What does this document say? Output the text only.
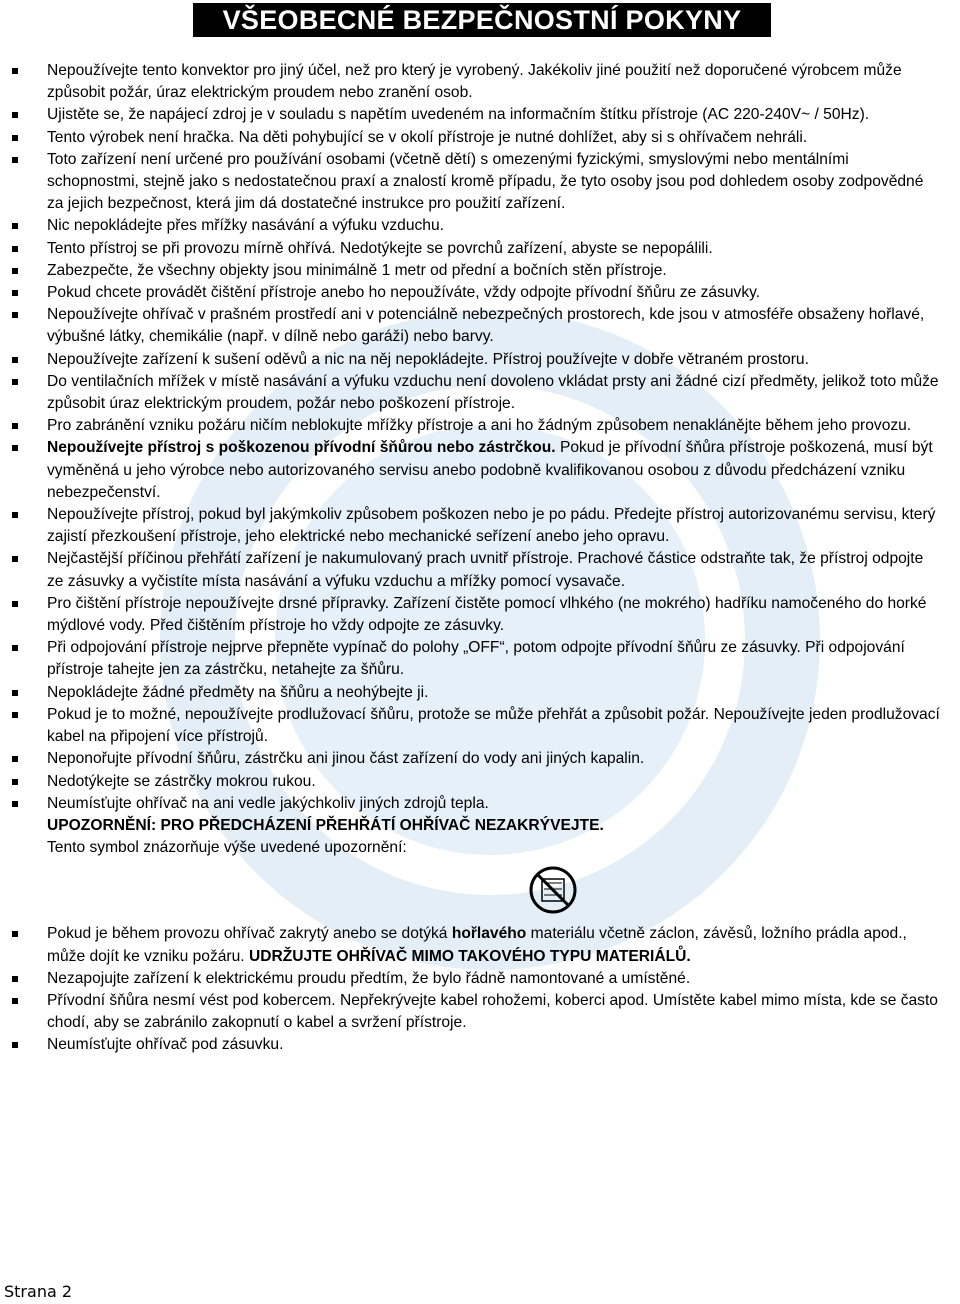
VŠEOBECNÉ BEZPEČNOSTNÍ POKYNY
Nepoužívejte tento konvektor pro jiný účel, než pro který je vyrobený. Jakékoliv jiné použití než doporučené výrobcem může způsobit požár, úraz elektrickým proudem nebo zranění osob.
Ujistěte se, že napájecí zdroj je v souladu s napětím uvedeném na informačním štítku přístroje (AC 220-240V~ / 50Hz).
Tento výrobek není hračka. Na děti pohybující se v okolí přístroje je nutné dohlížet, aby si s ohřívačem nehráli.
Toto zařízení není určené pro používání osobami (včetně dětí) s omezenými fyzickými, smyslovými nebo mentálními schopnostmi, stejně jako s nedostatečnou praxí a znalostí kromě případu, že tyto osoby jsou pod dohledem osoby zodpovědné za jejich bezpečnost, která jim dá dostatečné instrukce pro použití zařízení.
Nic nepokládejte přes mřížky nasávání a výfuku vzduchu.
Tento přístroj se při provozu mírně ohřívá. Nedotýkejte se povrchů zařízení, abyste se nepopálili.
Zabezpečte, že všechny objekty jsou minimálně 1 metr od přední a bočních stěn přístroje.
Pokud chcete provádět čištění přístroje anebo ho nepoužíváte, vždy odpojte přívodní šňůru ze zásuvky.
Nepoužívejte ohřívač v prašném prostředí ani v potenciálně nebezpečných prostorech, kde jsou v atmosféře obsaženy hořlavé, výbušné látky, chemikálie (např. v dílně nebo garáži) nebo barvy.
Nepoužívejte zařízení k sušení oděvů a nic na něj nepokládejte. Přístroj používejte v dobře větraném prostoru.
Do ventilačních mřížek v místě nasávání a výfuku vzduchu není dovoleno vkládat prsty ani žádné cizí předměty, jelikož toto může způsobit úraz elektrickým proudem, požár nebo poškození přístroje.
Pro zabránění vzniku požáru ničím neblokujte mřížky přístroje a ani ho žádným způsobem nenaklánějte během jeho provozu.
Nepoužívejte přístroj s poškozenou přívodní šňůrou nebo zástrčkou. Pokud je přívodní šňůra přístroje poškozená, musí být vyměněná u jeho výrobce nebo autorizovaného servisu anebo podobně kvalifikovanou osobou z důvodu předcházení vzniku nebezpečenství.
Nepoužívejte přístroj, pokud byl jakýmkoliv způsobem poškozen nebo je po pádu. Předejte přístroj autorizovanému servisu, který zajistí přezkoušení přístroje, jeho elektrické nebo mechanické seřízení anebo jeho opravu.
Nejčastější příčinou přehřátí zařízení je nakumulovaný prach uvnitř přístroje. Prachové částice odstraňte tak, že přístroj odpojte ze zásuvky a vyčistíte místa nasávání a výfuku vzduchu a mřížky pomocí vysavače.
Pro čištění přístroje nepoužívejte drsné přípravky. Zařízení čistěte pomocí vlhkého (ne mokrého) hadříku namočeného do horké mýdlové vody. Před čištěním přístroje ho vždy odpojte ze zásuvky.
Při odpojování přístroje nejprve přepněte vypínač do polohy „OFF“, potom odpojte přívodní šňůru ze zásuvky. Při odpojování přístroje tahejte jen za zástrčku, netahejte za šňůru.
Nepokládejte žádné předměty na šňůru a neohýbejte ji.
Pokud je to možné, nepoužívejte prodlužovací šňůru, protože se může přehřát a způsobit požár. Nepoužívejte jeden prodlužovací kabel na připojení více přístrojů.
Neponořujte přívodní šňůru, zástrčku ani jinou část zařízení do vody ani jiných kapalin.
Nedotýkejte se zástrčky mokrou rukou.
Neumísťujte ohřívač na ani vedle jakýchkoliv jiných zdrojů tepla.
UPOZORNĚNÍ: PRO PŘEDCHÁZENÍ PŘEHŘÁTÍ OHŘÍVAČ NEZAKRÝVEJTE.
Tento symbol znázorňuje výše uvedené upozornění:
Pokud je během provozu ohřívač zakrytý anebo se dotýká hořlavého materiálu včetně záclon, závěsů, ložního prádla apod., může dojít ke vzniku požáru. UDRŽUJTE OHŘÍVAČ MIMO TAKOVÉHO TYPU MATERIÁLŮ.
Nezapojujte zařízení k elektrickému proudu předtím, že bylo řádně namontované a umístěné.
Přívodní šňůra nesmí vést pod kobercem. Nepřekrývejte kabel rohožemi, koberci apod. Umístěte kabel mimo místa, kde se často chodí, aby se zabránilo zakopnutí o kabel a svržení přístroje.
Neumísťujte ohřívač pod zásuvku.
Strana 2
